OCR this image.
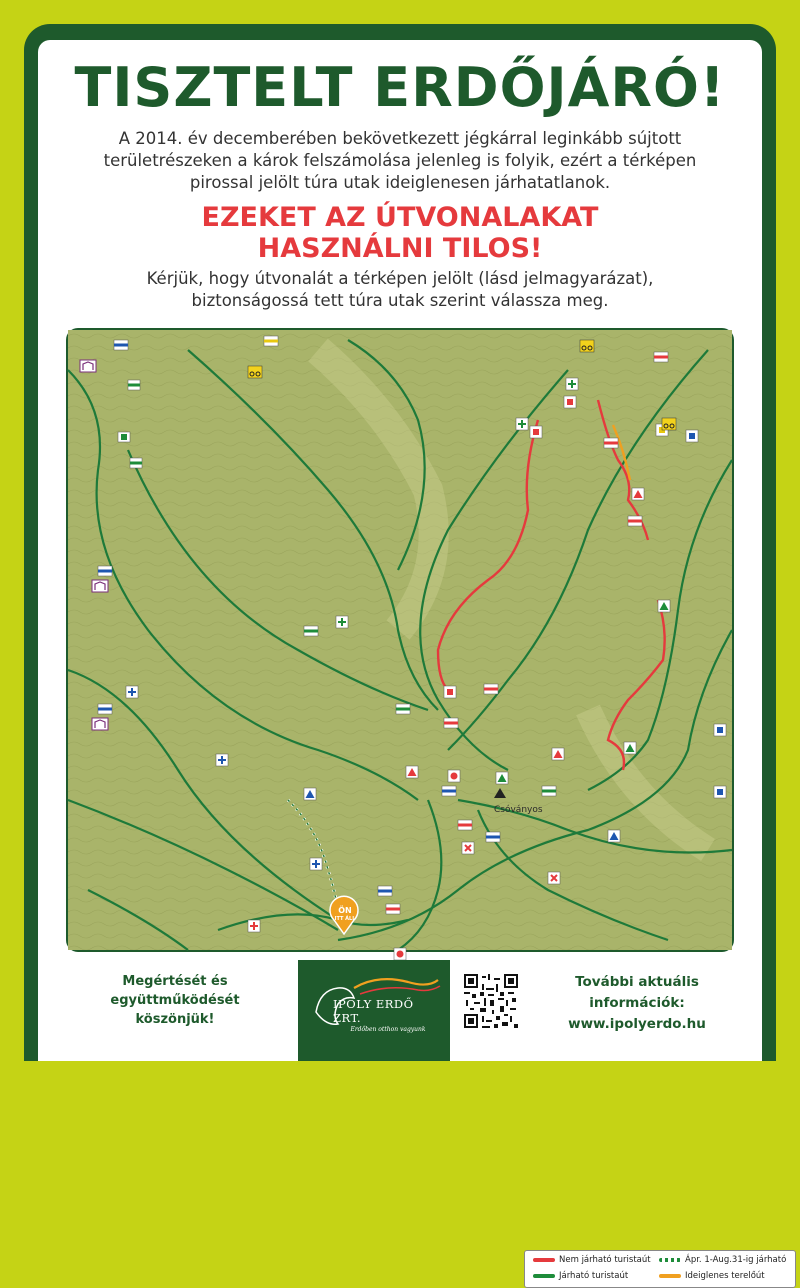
TISZTELT ERDŐJÁRÓ!

A 2014. év decemberében bekövetkezett jégkárral leginkább sújtott területrészeken a károk felszámolása jelenleg is folyik, ezért a térképen pirossal jelölt túra utak ideiglenesen járhatatlanok.

EZEKET AZ ÚTVONALAKAT
HASZNÁLNI TILOS!

Kérjük, hogy útvonalát a térképen jelölt (lásd jelmagyarázat), biztonságossá tett túra utak szerint válassza meg.

Csóványos
Nem járható turistaút	Ápr. 1-Aug.31-ig járható
Járható turistaút	Ideiglenes terelőút
ÖN
ITT ÁLL
Megértését és együttműködését
köszönjük!
IPOLY ERDŐ ZRT.
Erdőben otthon vagyunk
További aktuális információk:
www.ipolyerdo.hu
